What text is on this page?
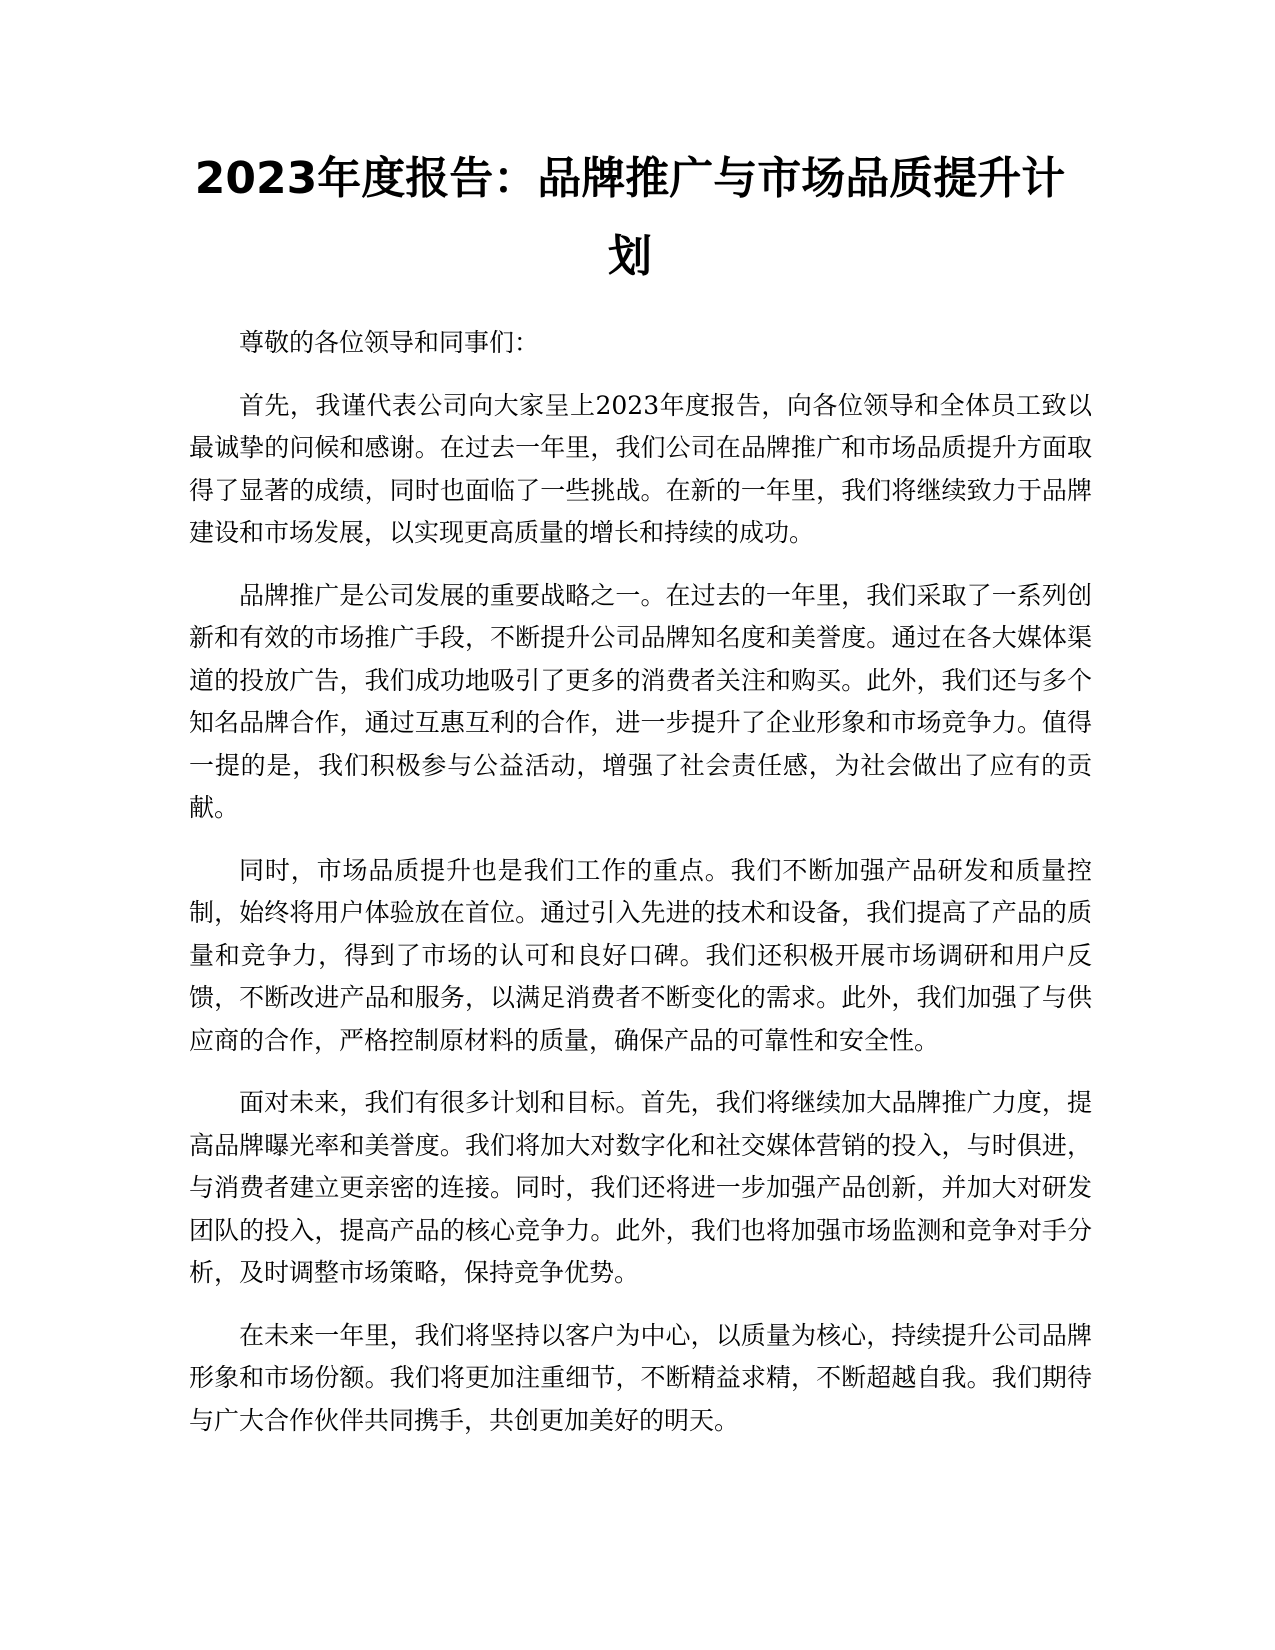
2023年度报告：品牌推广与市场品质提升计划

尊敬的各位领导和同事们：

首先，我谨代表公司向大家呈上2023年度报告，向各位领导和全体员工致以最诚挚的问候和感谢。在过去一年里，我们公司在品牌推广和市场品质提升方面取得了显著的成绩，同时也面临了一些挑战。在新的一年里，我们将继续致力于品牌建设和市场发展，以实现更高质量的增长和持续的成功。

品牌推广是公司发展的重要战略之一。在过去的一年里，我们采取了一系列创新和有效的市场推广手段，不断提升公司品牌知名度和美誉度。通过在各大媒体渠道的投放广告，我们成功地吸引了更多的消费者关注和购买。此外，我们还与多个知名品牌合作，通过互惠互利的合作，进一步提升了企业形象和市场竞争力。值得一提的是，我们积极参与公益活动，增强了社会责任感，为社会做出了应有的贡献。

同时，市场品质提升也是我们工作的重点。我们不断加强产品研发和质量控制，始终将用户体验放在首位。通过引入先进的技术和设备，我们提高了产品的质量和竞争力，得到了市场的认可和良好口碑。我们还积极开展市场调研和用户反馈，不断改进产品和服务，以满足消费者不断变化的需求。此外，我们加强了与供应商的合作，严格控制原材料的质量，确保产品的可靠性和安全性。

面对未来，我们有很多计划和目标。首先，我们将继续加大品牌推广力度，提高品牌曝光率和美誉度。我们将加大对数字化和社交媒体营销的投入，与时俱进，与消费者建立更亲密的连接。同时，我们还将进一步加强产品创新，并加大对研发团队的投入，提高产品的核心竞争力。此外，我们也将加强市场监测和竞争对手分析，及时调整市场策略，保持竞争优势。

在未来一年里，我们将坚持以客户为中心，以质量为核心，持续提升公司品牌形象和市场份额。我们将更加注重细节，不断精益求精，不断超越自我。我们期待与广大合作伙伴共同携手，共创更加美好的明天。
